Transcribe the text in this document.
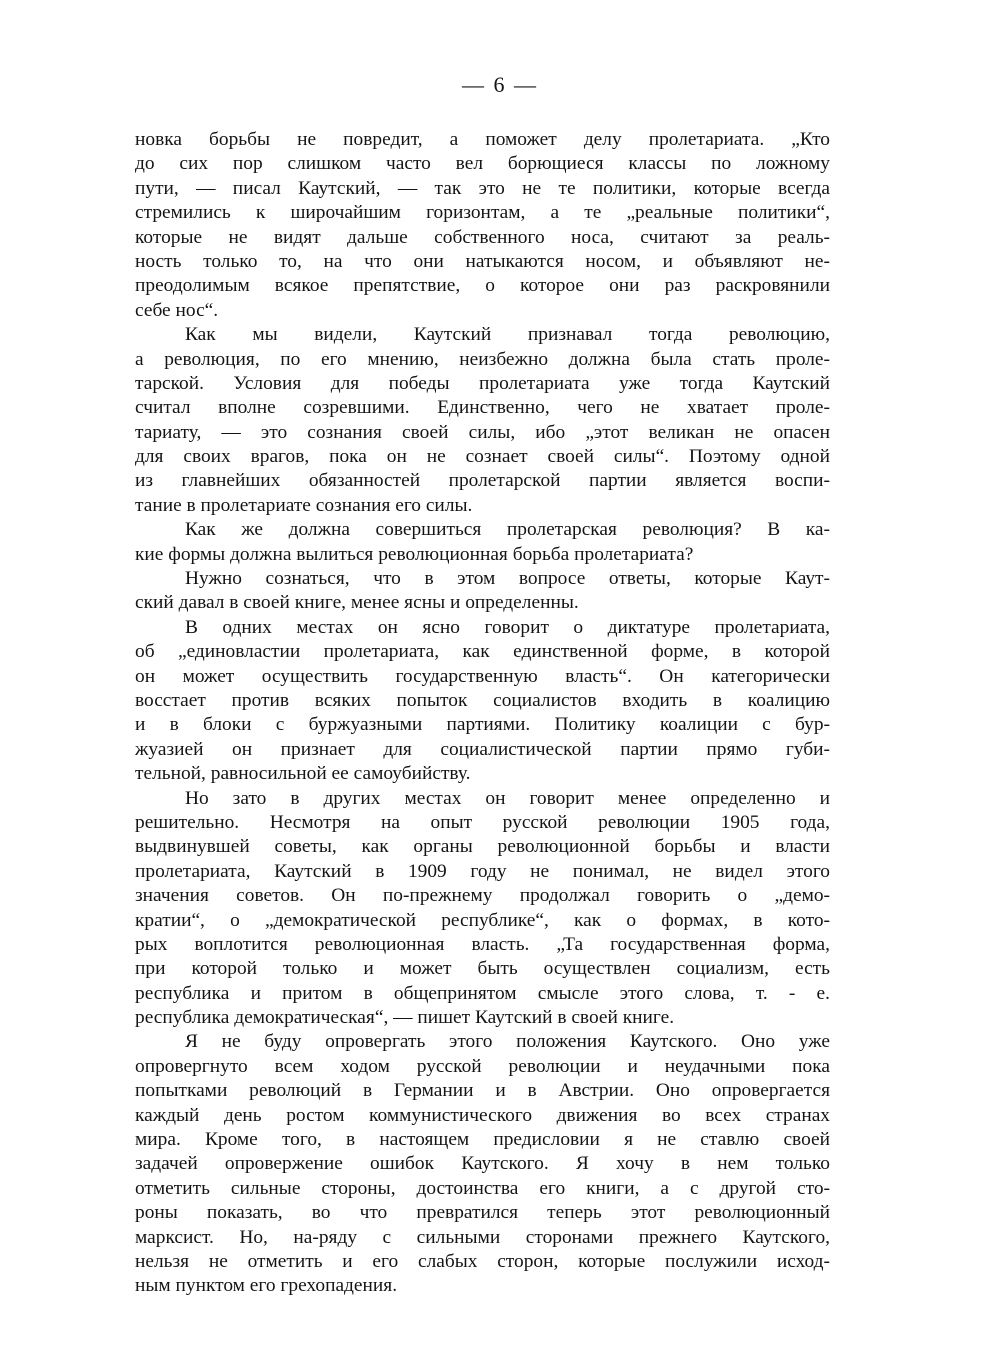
— 6 —
новка борьбы не повредит, а поможет делу пролетариата. „Кто
до сих пор слишком часто вел борющиеся классы по ложному
пути, — писал Каутский, — так это не те политики, которые всегда
стремились к широчайшим горизонтам, а те „реальные политики“,
которые не видят дальше собственного носа, считают за реаль-
ность только то, на что они натыкаются носом, и объявляют не-
преодолимым всякое препятствие, о которое они раз раскровянили
себе нос“.
Как мы видели, Каутский признавал тогда революцию,
а революция, по его мнению, неизбежно должна была стать проле-
тарской. Условия для победы пролетариата уже тогда Каутский
считал вполне созревшими. Единственно, чего не хватает проле-
тариату, — это сознания своей силы, ибо „этот великан не опасен
для своих врагов, пока он не сознает своей силы“. Поэтому одной
из главнейших обязанностей пролетарской партии является воспи-
тание в пролетариате сознания его силы.
Как же должна совершиться пролетарская революция? В ка-
кие формы должна вылиться революционная борьба пролетариата?
Нужно сознаться, что в этом вопросе ответы, которые Каут-
ский давал в своей книге, менее ясны и определенны.
В одних местах он ясно говорит о диктатуре пролетариата,
об „единовластии пролетариата, как единственной форме, в которой
он может осуществить государственную власть“. Он категорически
восстает против всяких попыток социалистов входить в коалицию
и в блоки с буржуазными партиями. Политику коалиции с бур-
жуазией он признает для социалистической партии прямо губи-
тельной, равносильной ее самоубийству.
Но зато в других местах он говорит менее определенно и
решительно. Несмотря на опыт русской революции 1905 года,
выдвинувшей советы, как органы революционной борьбы и власти
пролетариата, Каутский в 1909 году не понимал, не видел этого
значения советов. Он по-прежнему продолжал говорить о „демо-
кратии“, о „демократической республике“, как о формах, в кото-
рых воплотится революционная власть. „Та государственная форма,
при которой только и может быть осуществлен социализм, есть
республика и притом в общепринятом смысле этого слова, т. - е.
республика демократическая“, — пишет Каутский в своей книге.
Я не буду опровергать этого положения Каутского. Оно уже
опровергнуто всем ходом русской революции и неудачными пока
попытками революций в Германии и в Австрии. Оно опровергается
каждый день ростом коммунистического движения во всех странах
мира. Кроме того, в настоящем предисловии я не ставлю своей
задачей опровержение ошибок Каутского. Я хочу в нем только
отметить сильные стороны, достоинства его книги, а с другой сто-
роны показать, во что превратился теперь этот революционный
марксист. Но, на-ряду с сильными сторонами прежнего Каутского,
нельзя не отметить и его слабых сторон, которые послужили исход-
ным пунктом его грехопадения.
